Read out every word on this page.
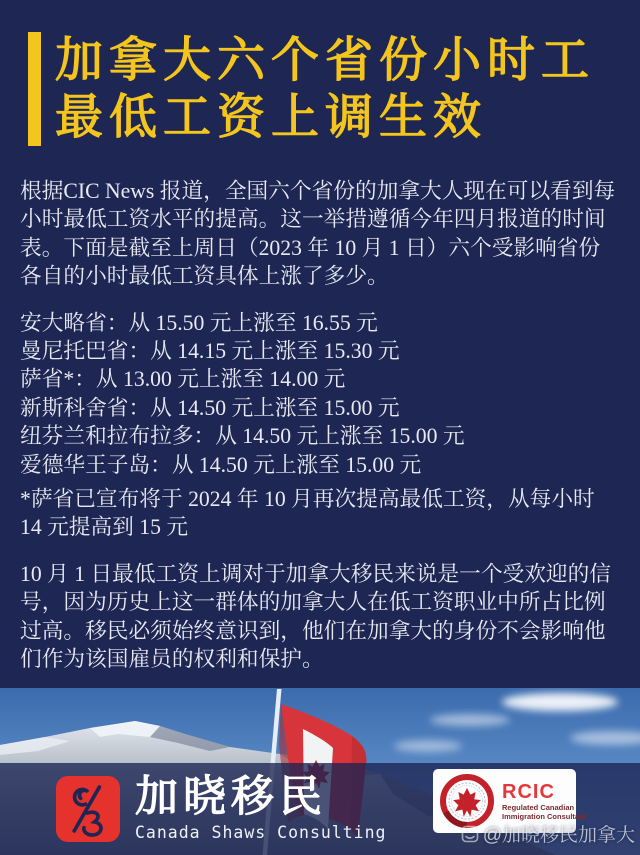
加拿大六个省份小时工
最低工资上调生效

根据CIC News 报道，全国六个省份的加拿大人现在可以看到每小时最低工资水平的提高。这一举措遵循今年四月报道的时间表。下面是截至上周日（2023 年 10 月 1 日）六个受影响省份各自的小时最低工资具体上涨了多少。

安大略省：从 15.50 元上涨至 16.55 元
曼尼托巴省：从 14.15 元上涨至 15.30 元
萨省*：从 13.00 元上涨至 14.00 元
新斯科舍省：从 14.50 元上涨至 15.00 元
纽芬兰和拉布拉多：从 14.50 元上涨至 15.00 元
爱德华王子岛：从 14.50 元上涨至 15.00 元

*萨省已宣布将于 2024 年 10 月再次提高最低工资，从每小时 14 元提高到 15 元

10 月 1 日最低工资上调对于加拿大移民来说是一个受欢迎的信号，因为历史上这一群体的加拿大人在低工资职业中所占比例过高。移民必须始终意识到，他们在加拿大的身份不会影响他们作为该国雇员的权利和保护。

加晓移民
Canada Shaws Consulting
RCIC
Regulated Canadian
Immigration Consultant
@加晓移民加拿大
